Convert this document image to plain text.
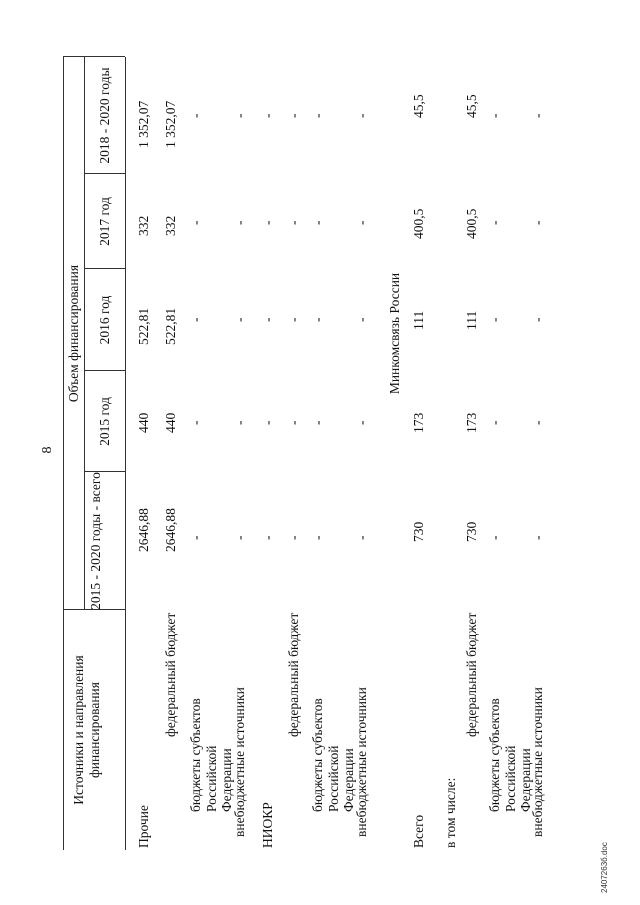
8
Источники и направления финансирования
Объем финансирования
2015 - 2020 годы - всего
2015 год
2016 год
2017 год
2018 - 2020 годы
Минкомсвязь России
Прочие
федеральный бюджет
бюджеты субъектов Российской Федерации
внебюджетные источники НИОКР
федеральный бюджет
бюджеты субъектов Российской Федерации
внебюджетные источники	Всего в том числе:
федеральный бюджет
бюджеты субъектов Российской Федерации
внебюджетные источники
2646,88
440
522,81
332
1 352,07
2646,88
440
522,81
332
1 352,07
-
-
-
-
-
-
-
-
-
-
-
-
-
-
-
-
-
-
-
-
-
-
-
-
-
-
-
-
-
-
730
173
111
400,5
45,5
730
173
111
400,5
45,5
-
-
-
-
-
-
-
-
-
-
2407263б.doc
